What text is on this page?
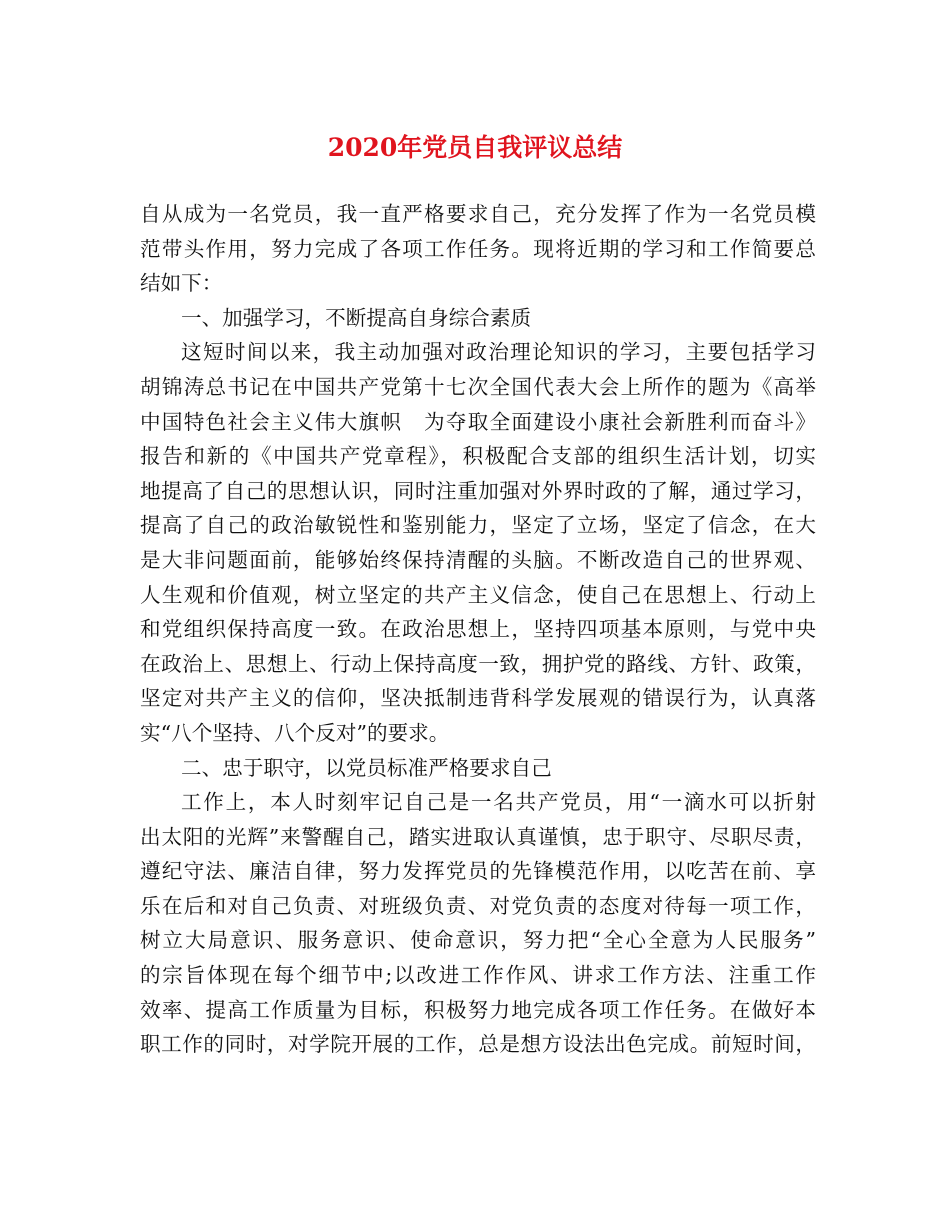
2020年党员自我评议总结
自从成为一名党员，我一直严格要求自己，充分发挥了作为一名党员模
范带头作用，努力完成了各项工作任务。现将近期的学习和工作简要总
结如下：
一、加强学习，不断提高自身综合素质
这短时间以来，我主动加强对政治理论知识的学习，主要包括学习
胡锦涛总书记在中国共产党第十七次全国代表大会上所作的题为《高举
中国特色社会主义伟大旗帜　为夺取全面建设小康社会新胜利而奋斗》
报告和新的《中国共产党章程》，积极配合支部的组织生活计划，切实
地提高了自己的思想认识，同时注重加强对外界时政的了解，通过学习，
提高了自己的政治敏锐性和鉴别能力，坚定了立场，坚定了信念，在大
是大非问题面前，能够始终保持清醒的头脑。不断改造自己的世界观、
人生观和价值观，树立坚定的共产主义信念，使自己在思想上、行动上
和党组织保持高度一致。在政治思想上，坚持四项基本原则，与党中央
在政治上、思想上、行动上保持高度一致，拥护党的路线、方针、政策，
坚定对共产主义的信仰，坚决抵制违背科学发展观的错误行为，认真落
实“八个坚持、八个反对”的要求。
二、忠于职守，以党员标准严格要求自己
工作上，本人时刻牢记自己是一名共产党员，用“一滴水可以折射
出太阳的光辉”来警醒自己，踏实进取认真谨慎，忠于职守、尽职尽责，
遵纪守法、廉洁自律，努力发挥党员的先锋模范作用，以吃苦在前、享
乐在后和对自己负责、对班级负责、对党负责的态度对待每一项工作，
树立大局意识、服务意识、使命意识，努力把“全心全意为人民服务”
的宗旨体现在每个细节中;以改进工作作风、讲求工作方法、注重工作
效率、提高工作质量为目标，积极努力地完成各项工作任务。在做好本
职工作的同时，对学院开展的工作，总是想方设法出色完成。前短时间，
